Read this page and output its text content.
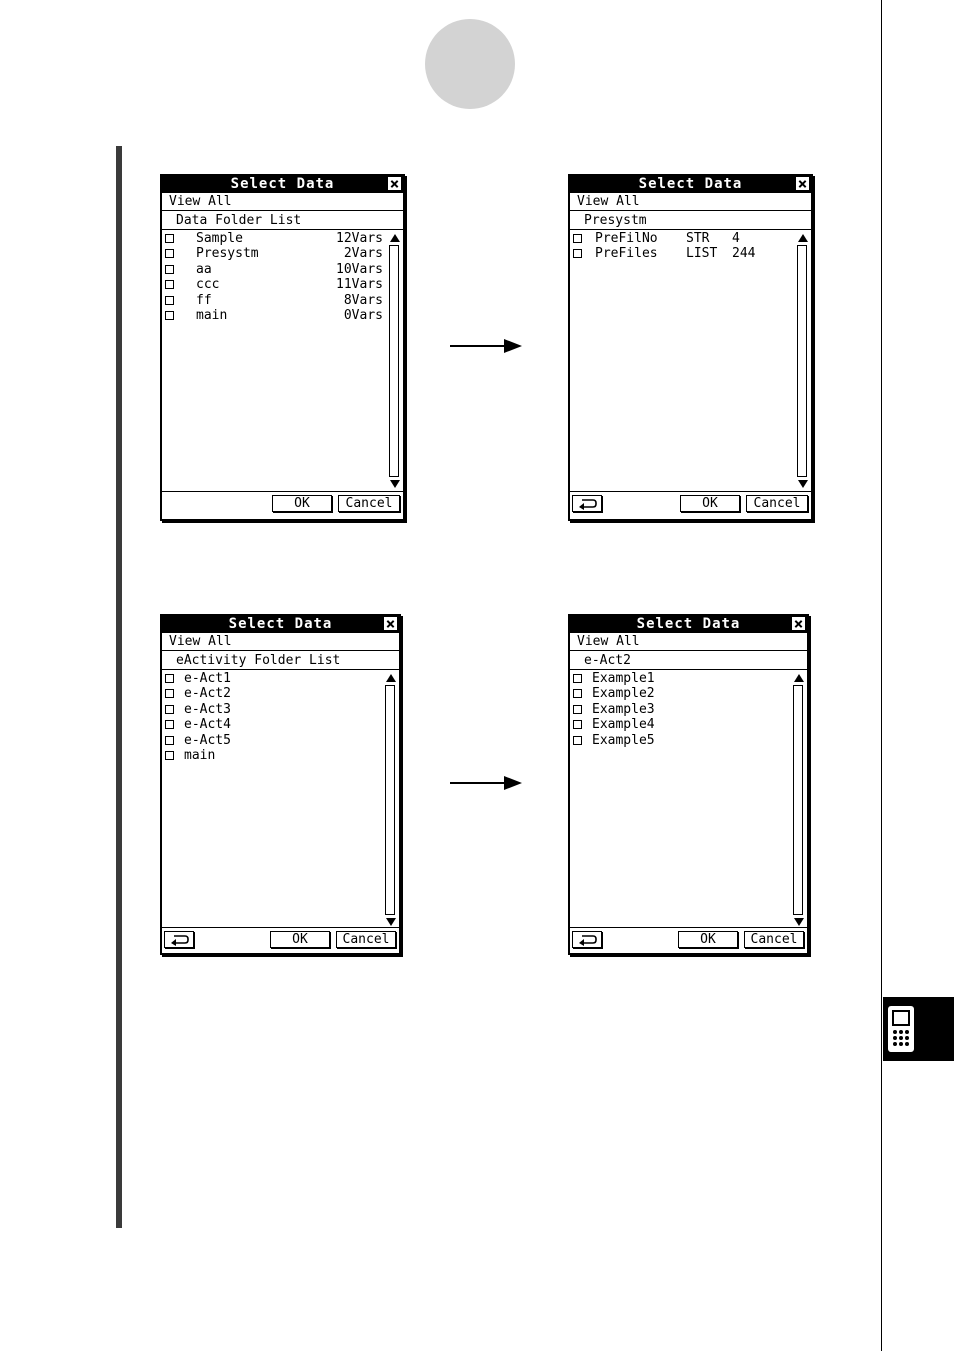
Select Data
View All
Data Folder List
Sample	12Vars
Presystm	2Vars
aa	10Vars
ccc	11Vars
ff	8Vars
main	0Vars
OK	Cancel
Select Data
View All
Presystm
PreFilNo STR 4
PreFiles LIST 244
OK	Cancel
Select Data
View All
eActivity Folder List
e-Act1
e-Act2
e-Act3
e-Act4
e-Act5
main
OK	Cancel
Select Data
View All
e-Act2
Example1
Example2
Example3
Example4
Example5
OK	Cancel
